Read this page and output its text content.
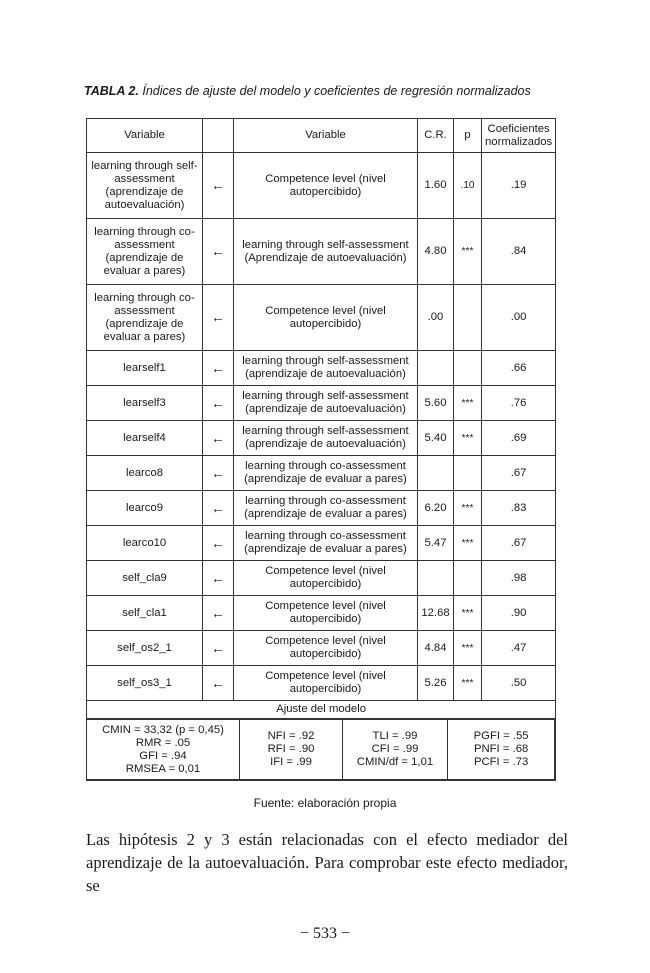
TABLA 2. Índices de ajuste del modelo y coeficientes de regresión normalizados
Variable		Variable	C.R.	p	Coeficientes normalizados
learning through self-assessment (aprendizaje de autoevaluación)	←	Competence level (nivel autopercibido)	1.60	.10	.19
learning through co-assessment (aprendizaje de evaluar a pares)	←	learning through self-assessment (Aprendizaje de autoevaluación)	4.80	***	.84
learning through co-assessment (aprendizaje de evaluar a pares)	←	Competence level (nivel autopercibido)	.00		.00
learself1	←	learning through self-assessment (aprendizaje de autoevaluación)			.66
learself3	←	learning through self-assessment (aprendizaje de autoevaluación)	5.60	***	.76
learself4	←	learning through self-assessment (aprendizaje de autoevaluación)	5.40	***	.69
learco8	←	learning through co-assessment (aprendizaje de evaluar a pares)			.67
learco9	←	learning through co-assessment (aprendizaje de evaluar a pares)	6.20	***	.83
learco10	←	learning through co-assessment (aprendizaje de evaluar a pares)	5.47	***	.67
self_cla9	←	Competence level (nivel autopercibido)			.98
self_cla1	←	Competence level (nivel autopercibido)	12.68	***	.90
self_os2_1	←	Competence level (nivel autopercibido)	4.84	***	.47
self_os3_1	←	Competence level (nivel autopercibido)	5.26	***	.50
Ajuste del modelo

CMIN = 33,32 (p = 0,45)
RMR = .05
GFI = .94
RMSEA = 0,01

NFI = .92
RFI = .90
IFI = .99

TLI = .99
CFI = .99
CMIN/df = 1,01

PGFI = .55
PNFI = .68
PCFI = .73
Fuente: elaboración propia
Las hipótesis 2 y 3 están relacionadas con el efecto mediador del aprendizaje de la autoevaluación. Para comprobar este efecto mediador, se
− 533 −
